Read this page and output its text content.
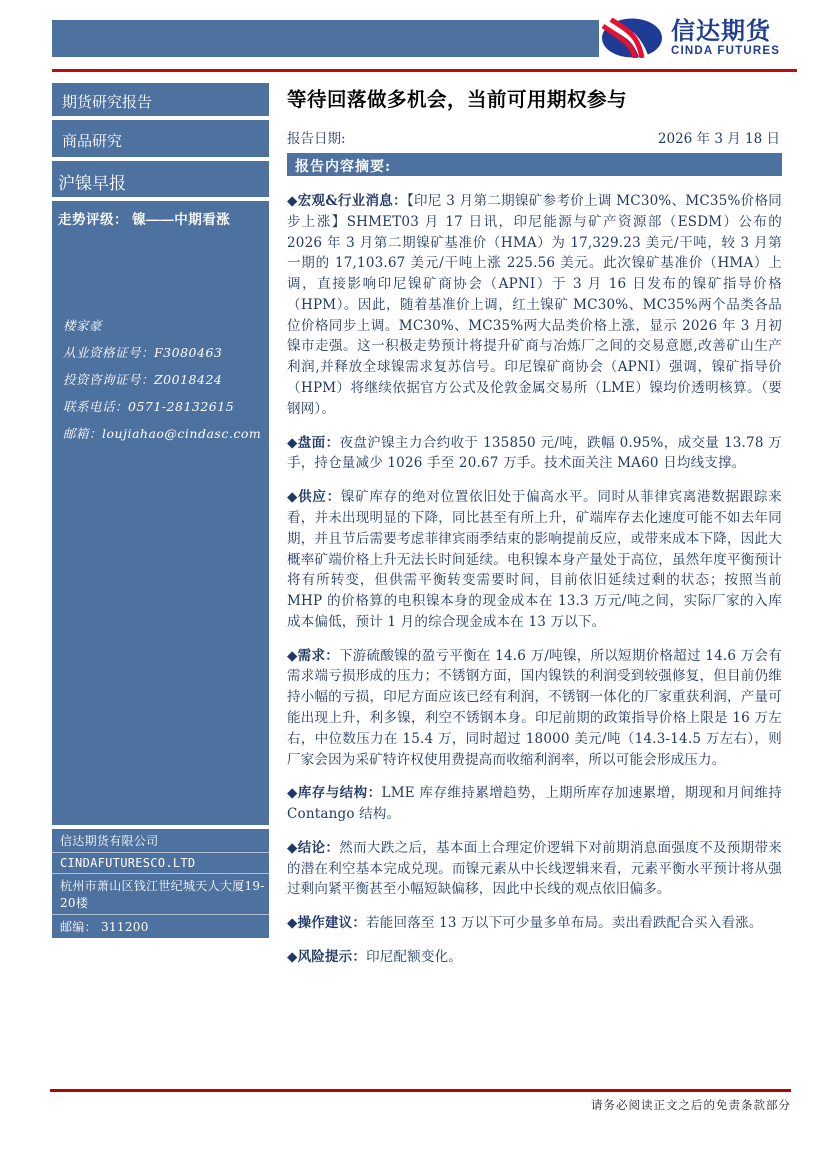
信达期货
CINDA FUTURES
期货研究报告
商品研究
沪镍早报
走势评级： 镍——中期看涨
楼家豪
从业资格证号：F3080463
投资咨询证号：Z0018424
联系电话：0571-28132615
邮箱：loujiahao@cindasc.com
信达期货有限公司
CINDAFUTURESCO.LTD
杭州市萧山区钱江世纪城天人大厦19-20楼
邮编： 311200
等待回落做多机会，当前可用期权参与
报告日期:	2026 年 3 月 18 日
报告内容摘要:

◆宏观&行业消息：【印尼 3 月第二期镍矿参考价上调 MC30%、MC35%价格同步上涨】SHMET03 月 17 日讯，印尼能源与矿产资源部（ESDM）公布的 2026 年 3 月第二期镍矿基准价（HMA）为 17,329.23 美元/干吨，较 3 月第一期的 17,103.67 美元/干吨上涨 225.56 美元。此次镍矿基准价（HMA）上调，直接影响印尼镍矿商协会（APNI）于 3 月 16 日发布的镍矿指导价格（HPM）。因此，随着基准价上调，红土镍矿 MC30%、MC35%两个品类各品位价格同步上调。MC30%、MC35%两大品类价格上涨，显示 2026 年 3 月初镍市走强。这一积极走势预计将提升矿商与冶炼厂之间的交易意愿,改善矿山生产利润,并释放全球镍需求复苏信号。印尼镍矿商协会（APNI）强调，镍矿指导价（HPM）将继续依据官方公式及伦敦金属交易所（LME）镍均价透明核算。（要钢网）。

◆盘面：夜盘沪镍主力合约收于 135850 元/吨，跌幅 0.95%，成交量 13.78 万手，持仓量减少 1026 手至 20.67 万手。技术面关注 MA60 日均线支撑。

◆供应：镍矿库存的绝对位置依旧处于偏高水平。同时从菲律宾离港数据跟踪来看，并未出现明显的下降，同比甚至有所上升，矿端库存去化速度可能不如去年同期，并且节后需要考虑菲律宾雨季结束的影响提前反应，或带来成本下降，因此大概率矿端价格上升无法长时间延续。电积镍本身产量处于高位，虽然年度平衡预计将有所转变，但供需平衡转变需要时间，目前依旧延续过剩的状态；按照当前 MHP 的价格算的电积镍本身的现金成本在 13.3 万元/吨之间，实际厂家的入库成本偏低，预计 1 月的综合现金成本在 13 万以下。

◆需求：下游硫酸镍的盈亏平衡在 14.6 万/吨镍，所以短期价格超过 14.6 万会有需求端亏损形成的压力；不锈钢方面，国内镍铁的利润受到较强修复，但目前仍维持小幅的亏损，印尼方面应该已经有利润，不锈钢一体化的厂家重获利润，产量可能出现上升，利多镍，利空不锈钢本身。印尼前期的政策指导价格上限是 16 万左右，中位数压力在 15.4 万，同时超过 18000 美元/吨（14.3-14.5 万左右），则厂家会因为采矿特许权使用费提高而收缩利润率，所以可能会形成压力。

◆库存与结构：LME 库存维持累增趋势，上期所库存加速累增，期现和月间维持 Contango 结构。

◆结论：然而大跌之后，基本面上合理定价逻辑下对前期消息面强度不及预期带来的潜在利空基本完成兑现。而镍元素从中长线逻辑来看，元素平衡水平预计将从强过剩向紧平衡甚至小幅短缺偏移，因此中长线的观点依旧偏多。

◆操作建议：若能回落至 13 万以下可少量多单布局。卖出看跌配合买入看涨。

◆风险提示：印尼配额变化。

请务必阅读正文之后的免责条款部分
